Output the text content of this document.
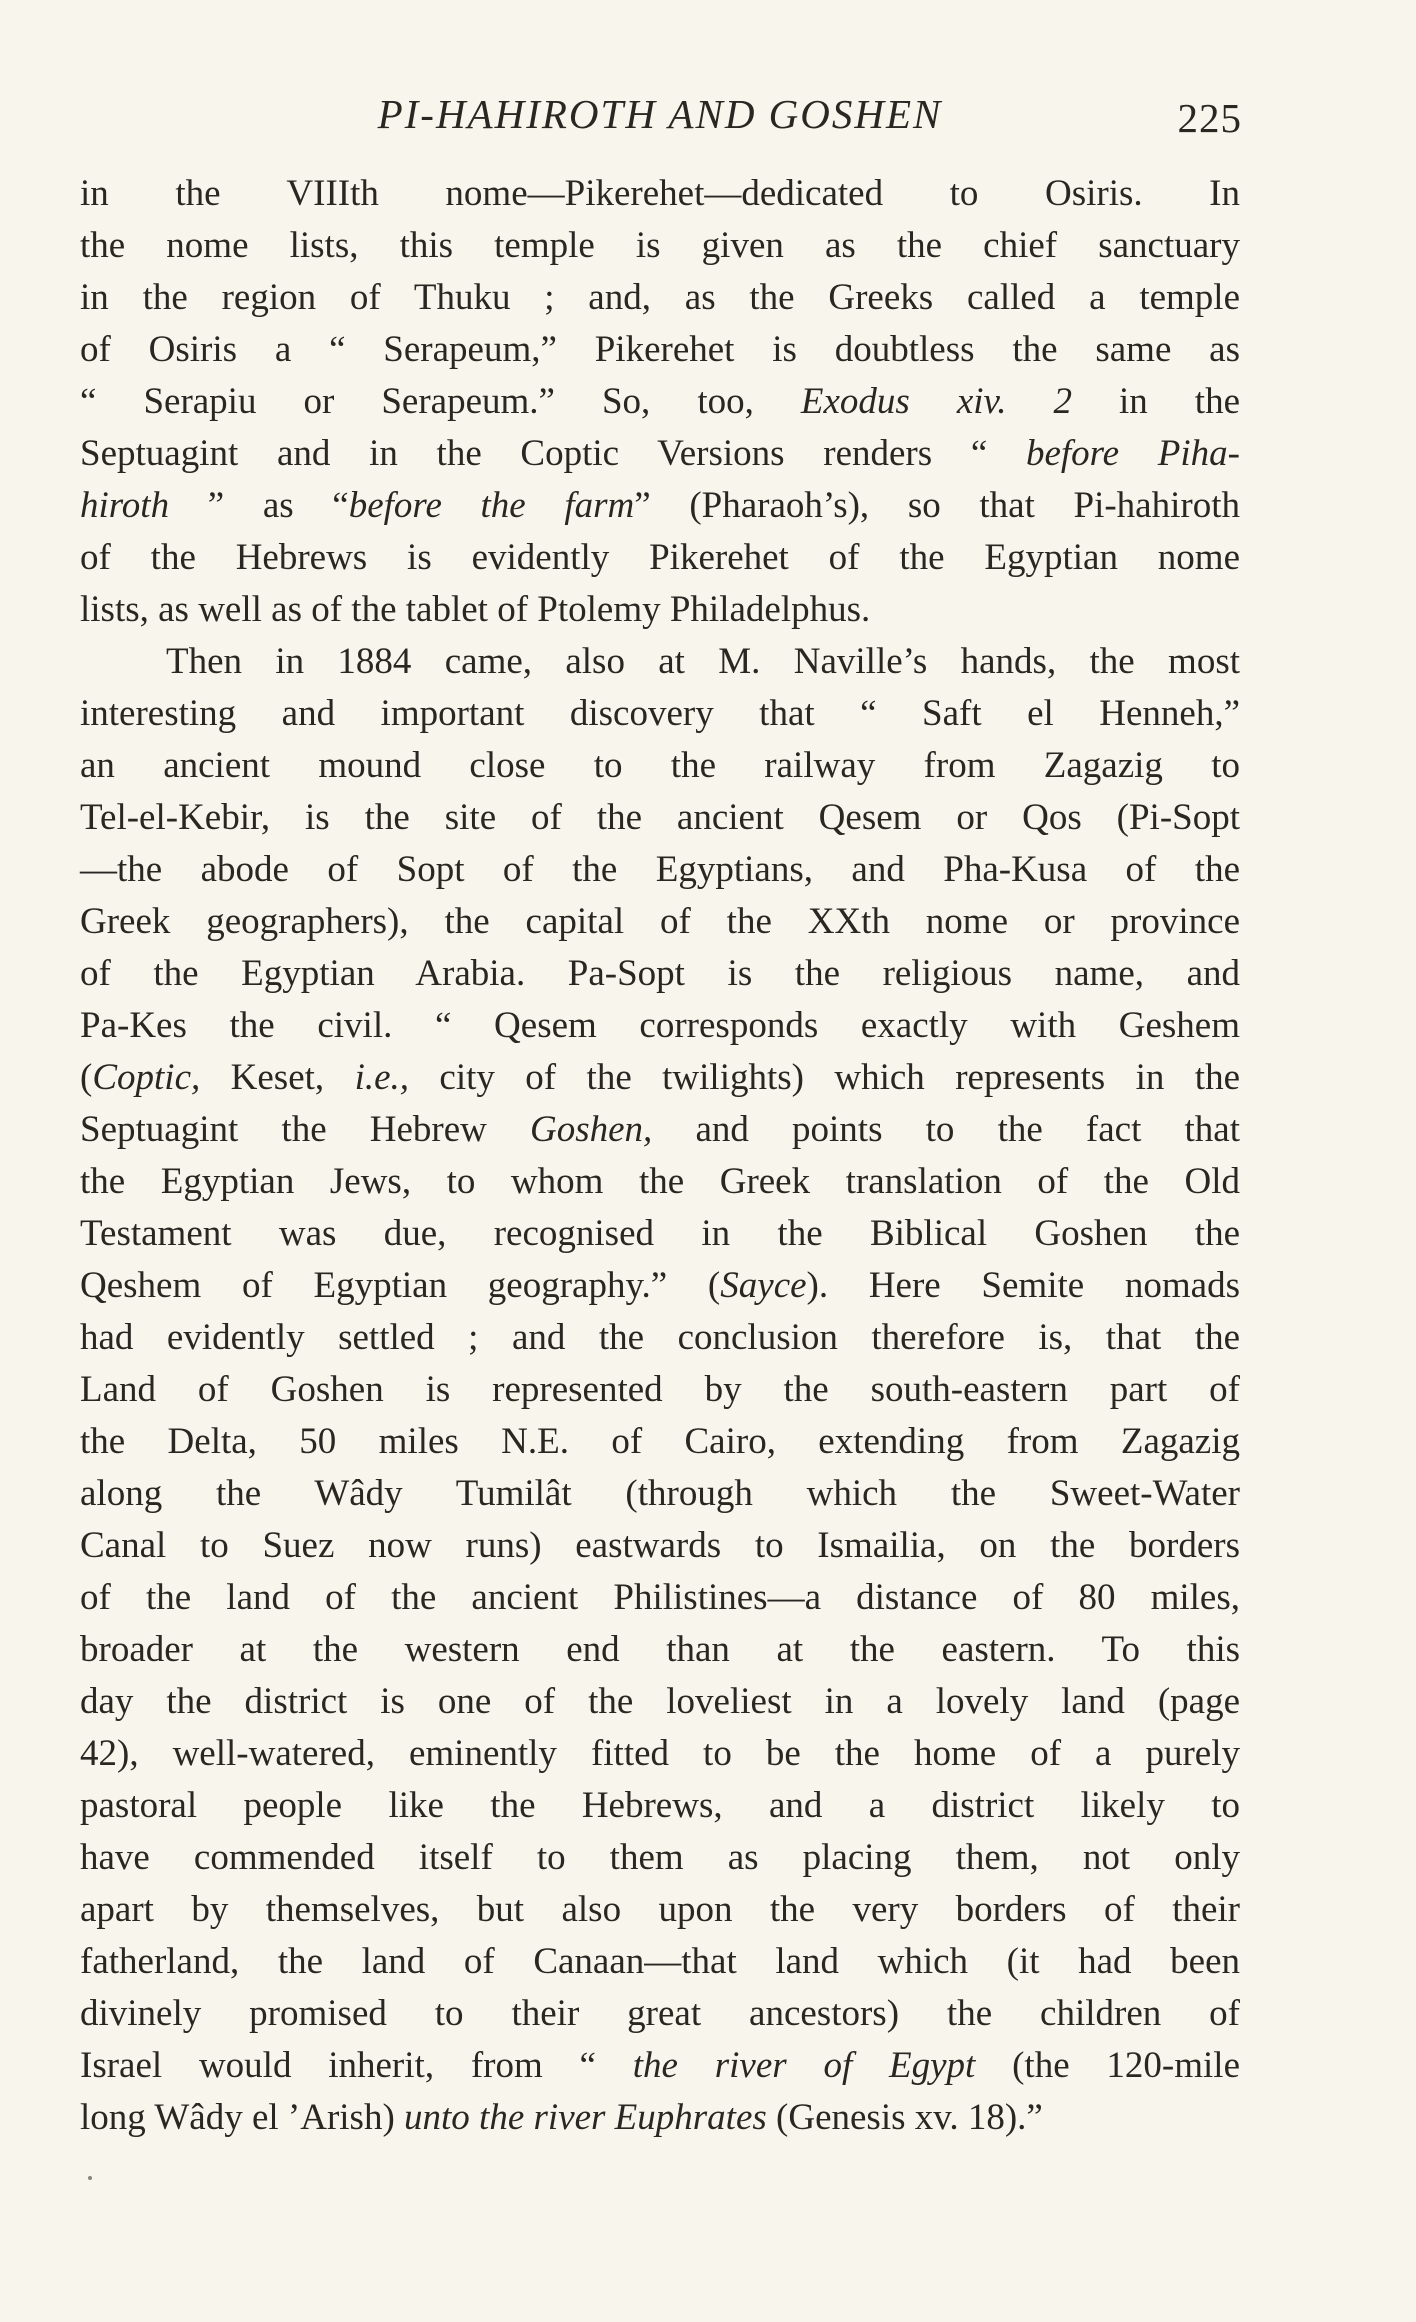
PI-HAHIROTH AND GOSHEN	225
in the VIIIth nome—Pikerehet—dedicated to Osiris. In
the nome lists, this temple is given as the chief sanctuary
in the region of Thuku ; and, as the Greeks called a temple
of Osiris a “ Serapeum,” Pikerehet is doubtless the same as
“ Serapiu or Serapeum.” So, too, Exodus xiv. 2 in the
Septuagint and in the Coptic Versions renders “ before Piha-
hiroth ” as “before the farm” (Pharaoh’s), so that Pi-hahiroth
of the Hebrews is evidently Pikerehet of the Egyptian nome
lists, as well as of the tablet of Ptolemy Philadelphus.
Then in 1884 came, also at M. Naville’s hands, the most
interesting and important discovery that “ Saft el Henneh,”
an ancient mound close to the railway from Zagazig to
Tel-el-Kebir, is the site of the ancient Qesem or Qos (Pi-Sopt
—the abode of Sopt of the Egyptians, and Pha-Kusa of the
Greek geographers), the capital of the XXth nome or province
of the Egyptian Arabia. Pa-Sopt is the religious name, and
Pa-Kes the civil. “ Qesem corresponds exactly with Geshem
(Coptic, Keset, i.e., city of the twilights) which represents in the
Septuagint the Hebrew Goshen, and points to the fact that
the Egyptian Jews, to whom the Greek translation of the Old
Testament was due, recognised in the Biblical Goshen the
Qeshem of Egyptian geography.” (Sayce). Here Semite nomads
had evidently settled ; and the conclusion therefore is, that the
Land of Goshen is represented by the south-eastern part of
the Delta, 50 miles N.E. of Cairo, extending from Zagazig
along the Wâdy Tumilât (through which the Sweet-Water
Canal to Suez now runs) eastwards to Ismailia, on the borders
of the land of the ancient Philistines—a distance of 80 miles,
broader at the western end than at the eastern. To this
day the district is one of the loveliest in a lovely land (page
42), well-watered, eminently fitted to be the home of a purely
pastoral people like the Hebrews, and a district likely to
have commended itself to them as placing them, not only
apart by themselves, but also upon the very borders of their
fatherland, the land of Canaan—that land which (it had been
divinely promised to their great ancestors) the children of
Israel would inherit, from “ the river of Egypt (the 120-mile
long Wâdy el ’Arish) unto the river Euphrates (Genesis xv. 18).”
